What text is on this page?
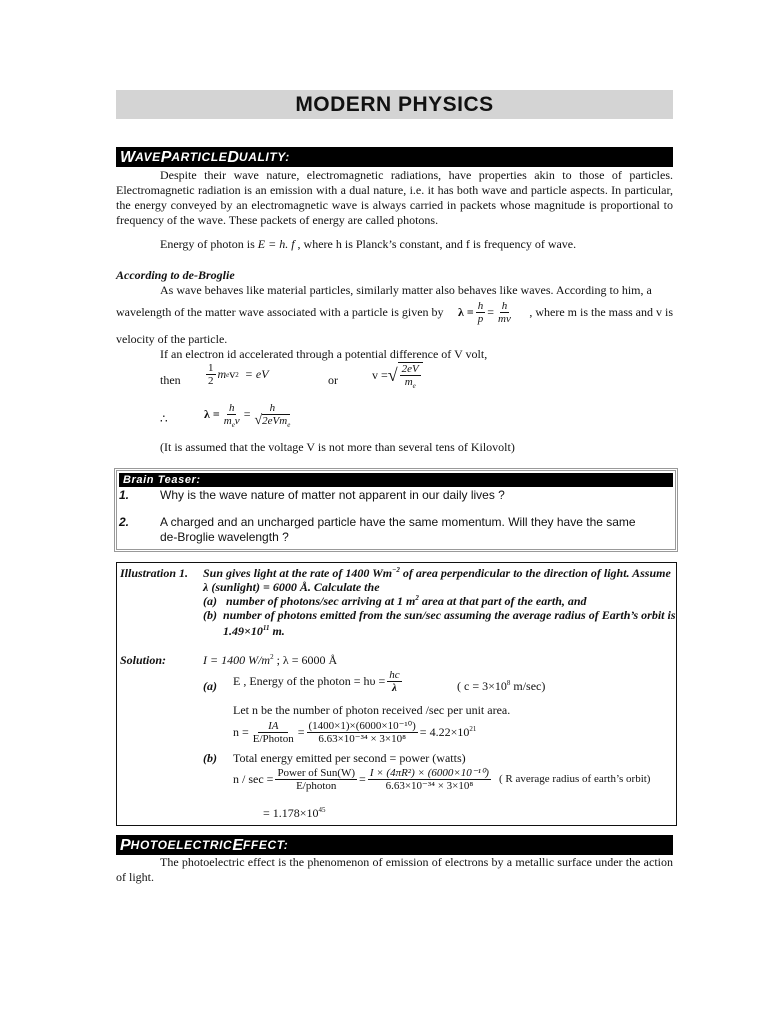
MODERN PHYSICS
W AVE P ARTICLE D UALITY:
Despite their wave nature, electromagnetic radiations, have properties akin to those of particles. Electromagnetic radiation is an emission with a dual nature, i.e. it has both wave and particle aspects. In particular, the energy conveyed by an electromagnetic wave is always carried in packets whose magnitude is proportional to frequency of the wave. These packets of energy are called photons.
Energy of photon is E = h. f , where h is Planck’s constant, and f is frequency of wave.
According to de-Broglie
As wave behaves like material particles, similarly matter also behaves like waves. According to him, a
wavelength of the matter wave associated with a particle is given by $\lambda = \frac{h}{p} = \frac{h}{mv}$ , where m is the mass and v is
velocity of the particle.
If an electron id accelerated through a potential difference of V volt,
then $\frac{1}{2}$ m e v 2 = eV	or	v = √ 2eV
$m_e$
∴	$\lambda = \frac{h}{m_ev} = \frac{h}{√2eVm_e}$
(It is assumed that the voltage V is not more than several tens of Kilovolt)
Brain Teaser:
1.	Why is the wave nature of matter not apparent in our daily lives ?
2.	A charged and an uncharged particle have the same momentum. Will they have the same
de-Broglie wavelength ?
Illustration 1. Sun gives light at the rate of 1400 $Wm^{-2}$ of area perpendicular to the direction of light. Assume
λ (sunlight) = 6000 Å. Calculate the
(a) number of photons/sec arriving at 1 $m^2$ area at that part of the earth, and
(b) number of photons emitted from the sun/sec assuming the average radius of Earth’s orbit is
$1.49\times 10^{11}$ m.
Solution:	I = 1400 $W/m^2$ ; λ = 6000 Å
(a) E , Energy of the photon = $h\upsilon = \frac{hc}{\lambda}$	( $c = 3\times 10^8$ m/sec)
Let n be the number of photon received /sec per unit area.
$n = \frac{IA}{\text{E/Photon}} = \frac{\text{(1400×1)×(6000×10⁻¹⁰)}}{\text{6.63×10⁻³⁴ × 3×10⁸}} = 4.22\times 10^{21}$
(b) Total energy emitted per second = power (watts)
$n / \sec = \frac{\text{Power of Sun(W)}}{\text{E/photon}} = \frac{\text{I × (4πR²) × (6000×10⁻¹⁰)}}{\text{6.63×10⁻³⁴ × 3×10⁸}}$ ( R average radius of earth’s orbit)
= $1.178\times 10^{45}$
P HOTOELECTRIC E FFECT:
The photoelectric effect is the phenomenon of emission of electrons by a metallic surface under the action of light.
